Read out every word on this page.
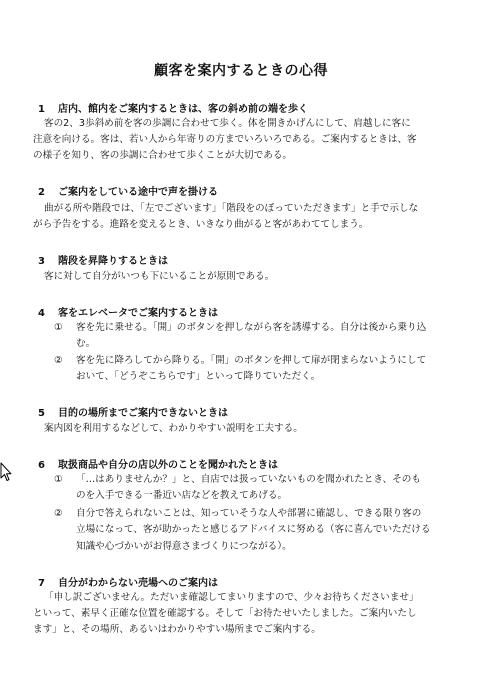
顧客を案内するときの心得
1 店内、館内をご案内するときは、客の斜め前の端を歩く
客の2、3歩斜め前を客の歩調に合わせて歩く。体を開きかげんにして、肩越しに客に
注意を向ける。客は、若い人から年寄りの方までいろいろである。ご案内するときは、客
の様子を知り、客の歩調に合わせて歩くことが大切である。
2 ご案内をしている途中で声を掛ける
曲がる所や階段では、「左でございます」「階段をのぼっていただきます」と手で示しな
がら予告をする。進路を変えるとき、いきなり曲がると客があわててしまう。
3 階段を昇降りするときは
客に対して自分がいつも下にいることが原則である。
4 客をエレベータでご案内するときは
① 客を先に乗せる。「開」のボタンを押しながら客を誘導する。自分は後から乗り込
む。
② 客を先に降ろしてから降りる。「開」のボタンを押して扉が閉まらないようにして
おいて、「どうぞこちらです」といって降りていただく。
5 目的の場所までご案内できないときは
案内図を利用するなどして、わかりやすい説明を工夫する。
6 取扱商品や自分の店以外のことを聞かれたときは
① 「…はありませんか？」と、自店では扱っていないものを聞かれたとき、そのも
のを入手できる一番近い店などを教えてあげる。
② 自分で答えられないことは、知っていそうな人や部署に確認し、できる限り客の
立場になって、客が助かったと感じるアドバイスに努める（客に喜んでいただける
知識や心づかいがお得意さまづくりにつながる）。
7 自分がわからない売場へのご案内は
「申し訳ございません。ただいま確認してまいりますので、少々お待ちくださいませ」
といって、素早く正確な位置を確認する。そして「お待たせいたしました。ご案内いたし
ます」と、その場所、あるいはわかりやすい場所までご案内する。
